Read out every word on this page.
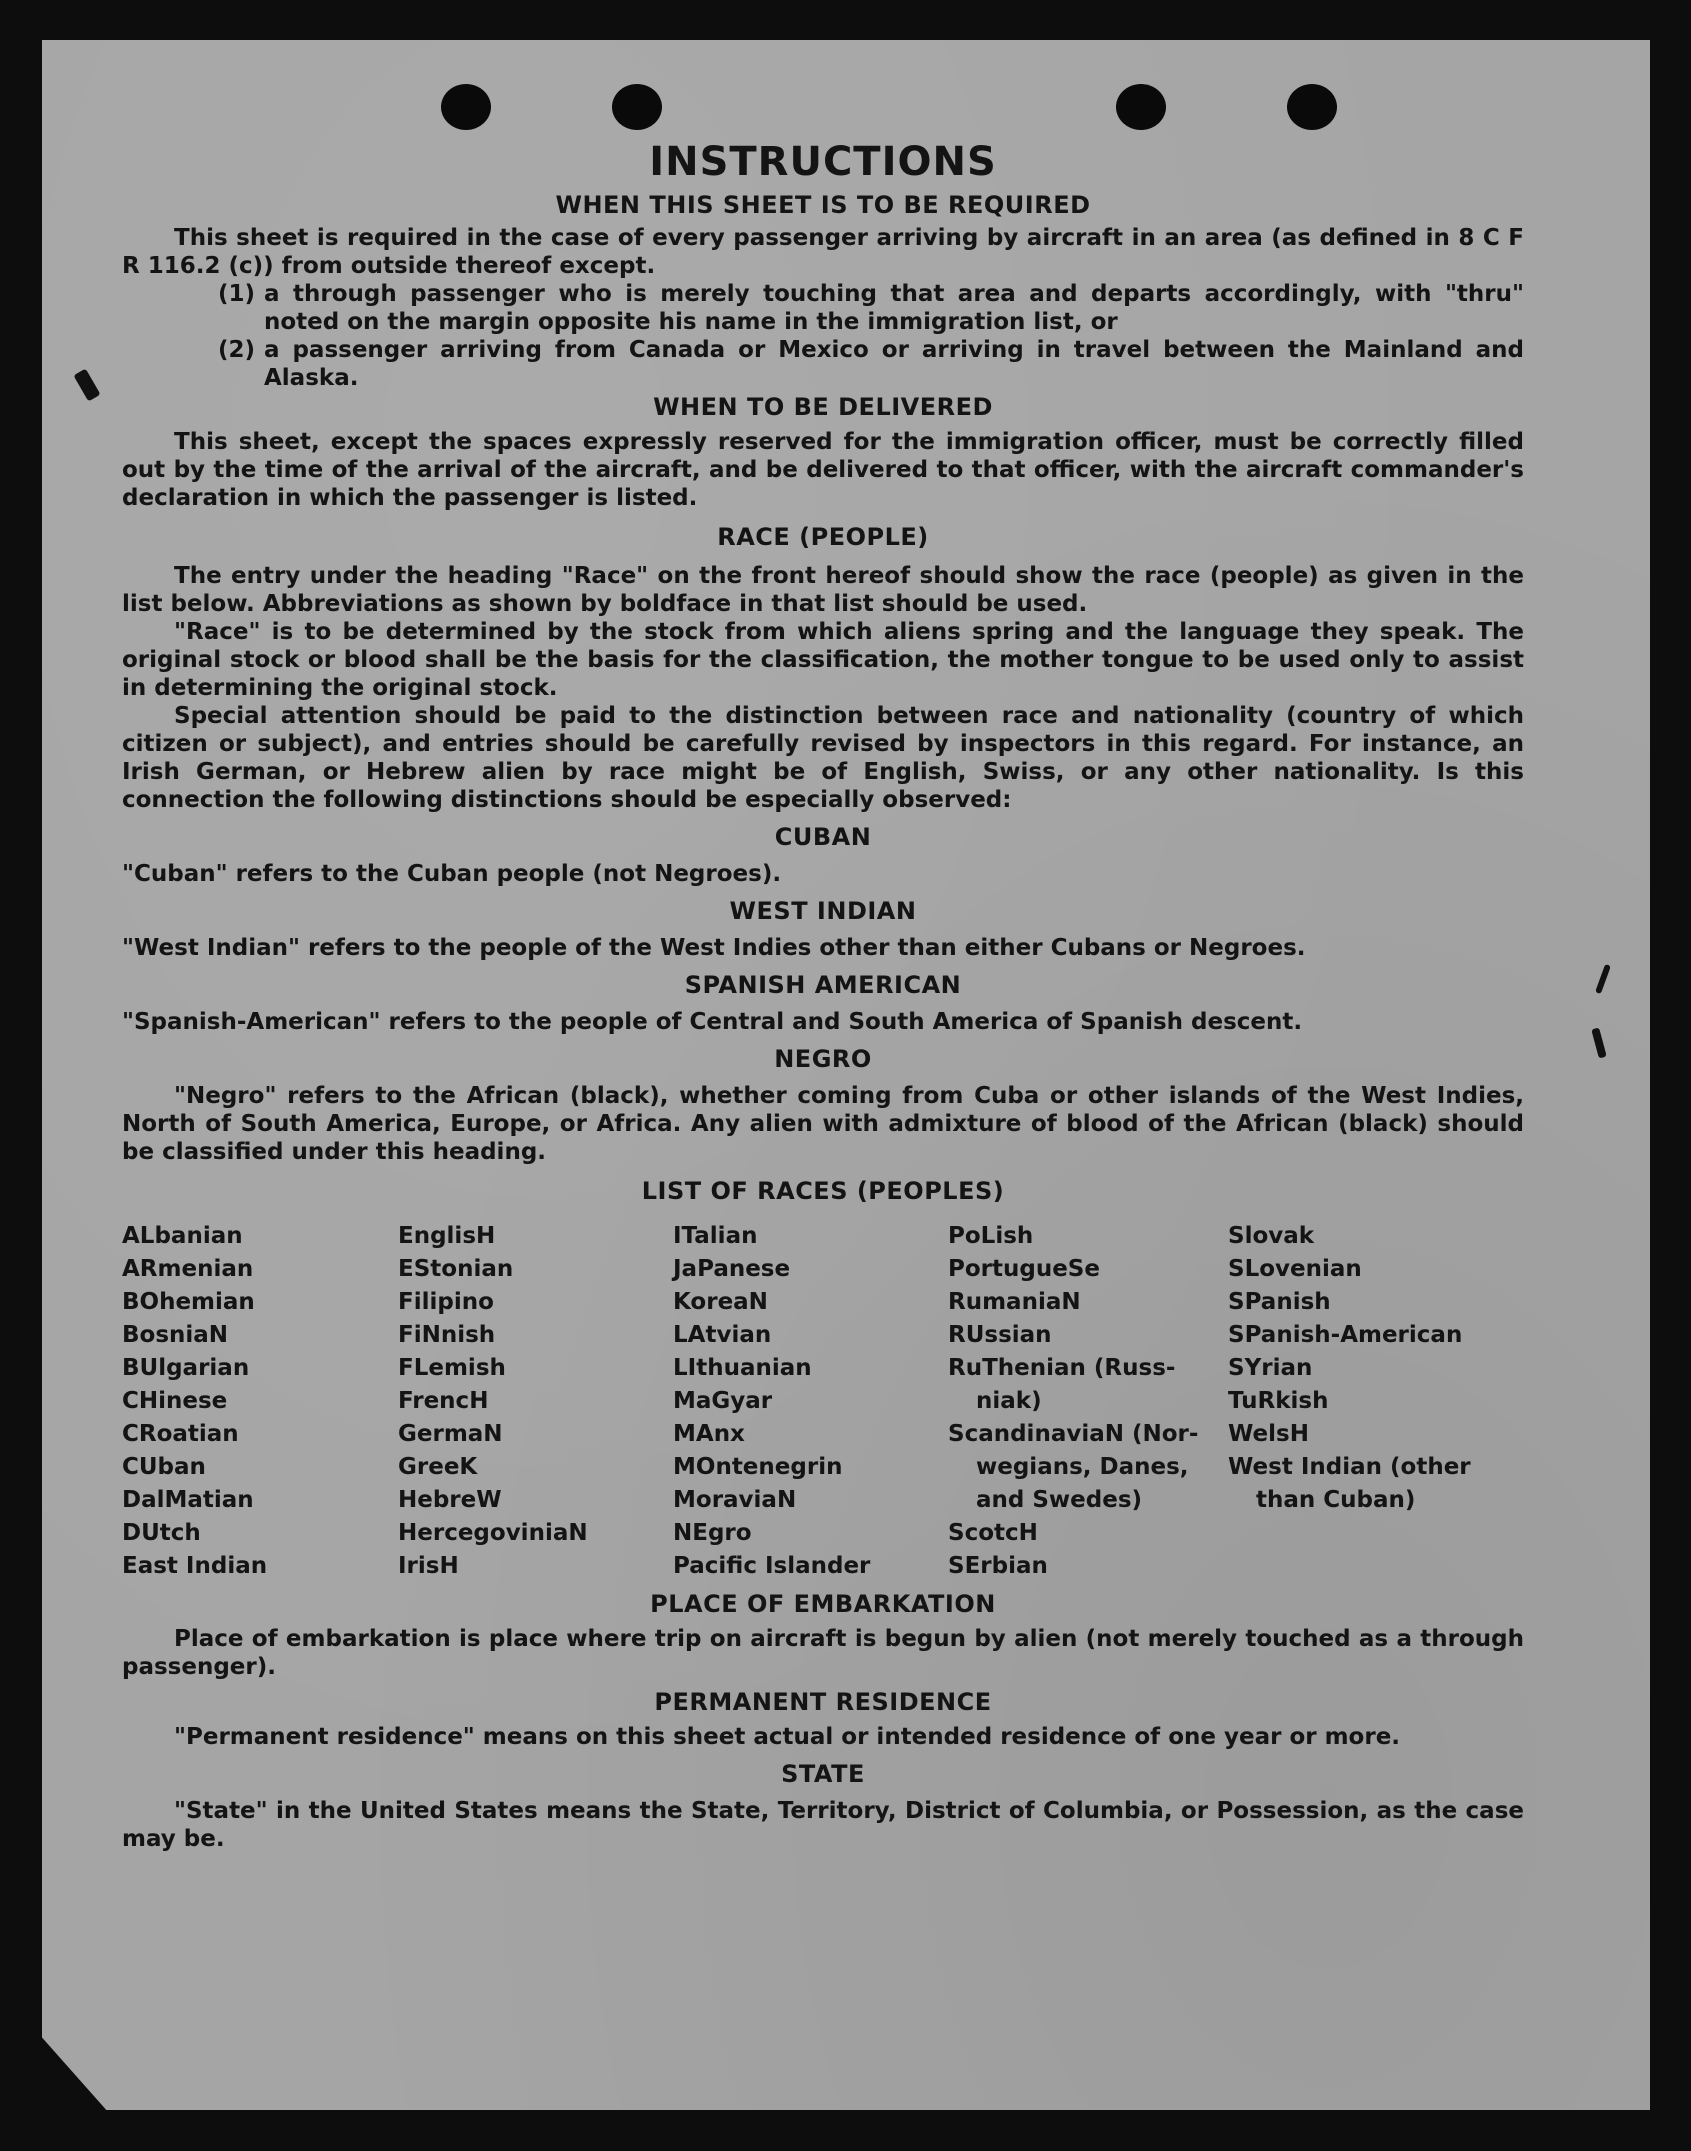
INSTRUCTIONS
WHEN THIS SHEET IS TO BE REQUIRED

This sheet is required in the case of every passenger arriving by aircraft in an area (as defined in 8 C F R 116.2 (c)) from outside thereof except.

(1) a through passenger who is merely touching that area and departs accordingly, with "thru" noted on the margin opposite his name in the immigration list, or
(2) a passenger arriving from Canada or Mexico or arriving in travel between the Mainland and Alaska.
WHEN TO BE DELIVERED

This sheet, except the spaces expressly reserved for the immigration officer, must be correctly filled out by the time of the arrival of the aircraft, and be delivered to that officer, with the aircraft commander's declaration in which the passenger is listed.

RACE (PEOPLE)

The entry under the heading "Race" on the front hereof should show the race (people) as given in the list below. Abbreviations as shown by boldface in that list should be used.

"Race" is to be determined by the stock from which aliens spring and the language they speak. The original stock or blood shall be the basis for the classification, the mother tongue to be used only to assist in determining the original stock.

Special attention should be paid to the distinction between race and nationality (country of which citizen or subject), and entries should be carefully revised by inspectors in this regard. For instance, an Irish German, or Hebrew alien by race might be of English, Swiss, or any other nationality. Is this connection the following distinctions should be especially observed:

CUBAN

"Cuban" refers to the Cuban people (not Negroes).

WEST INDIAN

"West Indian" refers to the people of the West Indies other than either Cubans or Negroes.

SPANISH AMERICAN

"Spanish-American" refers to the people of Central and South America of Spanish descent.

NEGRO

"Negro" refers to the African (black), whether coming from Cuba or other islands of the West Indies, North of South America, Europe, or Africa. Any alien with admixture of blood of the African (black) should be classified under this heading.

LIST OF RACES (PEOPLES)
ALbanian
ARmenian
BOhemian
BosniaN
BUlgarian
CHinese
CRoatian
CUban
DalMatian
DUtch
East Indian
EnglisH
EStonian
Filipino
FiNnish
FLemish
FrencH
GermaN
GreeK
HebreW
HercegoviniaN
IrisH
ITalian
JaPanese
KoreaN
LAtvian
LIthuanian
MaGyar
MAnx
MOntenegrin
MoraviaN
NEgro
Pacific Islander
PoLish
PortugueSe
RumaniaN
RUssian
RuThenian (Russ-
niak)
ScandinaviaN (Nor-
wegians, Danes,
and Swedes)
ScotcH
SErbian
Slovak
SLovenian
SPanish
SPanish-American
SYrian
TuRkish
WelsH
West Indian (other
than Cuban)
PLACE OF EMBARKATION

Place of embarkation is place where trip on aircraft is begun by alien (not merely touched as a through passenger).

PERMANENT RESIDENCE

"Permanent residence" means on this sheet actual or intended residence of one year or more.

STATE

"State" in the United States means the State, Territory, District of Columbia, or Possession, as the case may be.
